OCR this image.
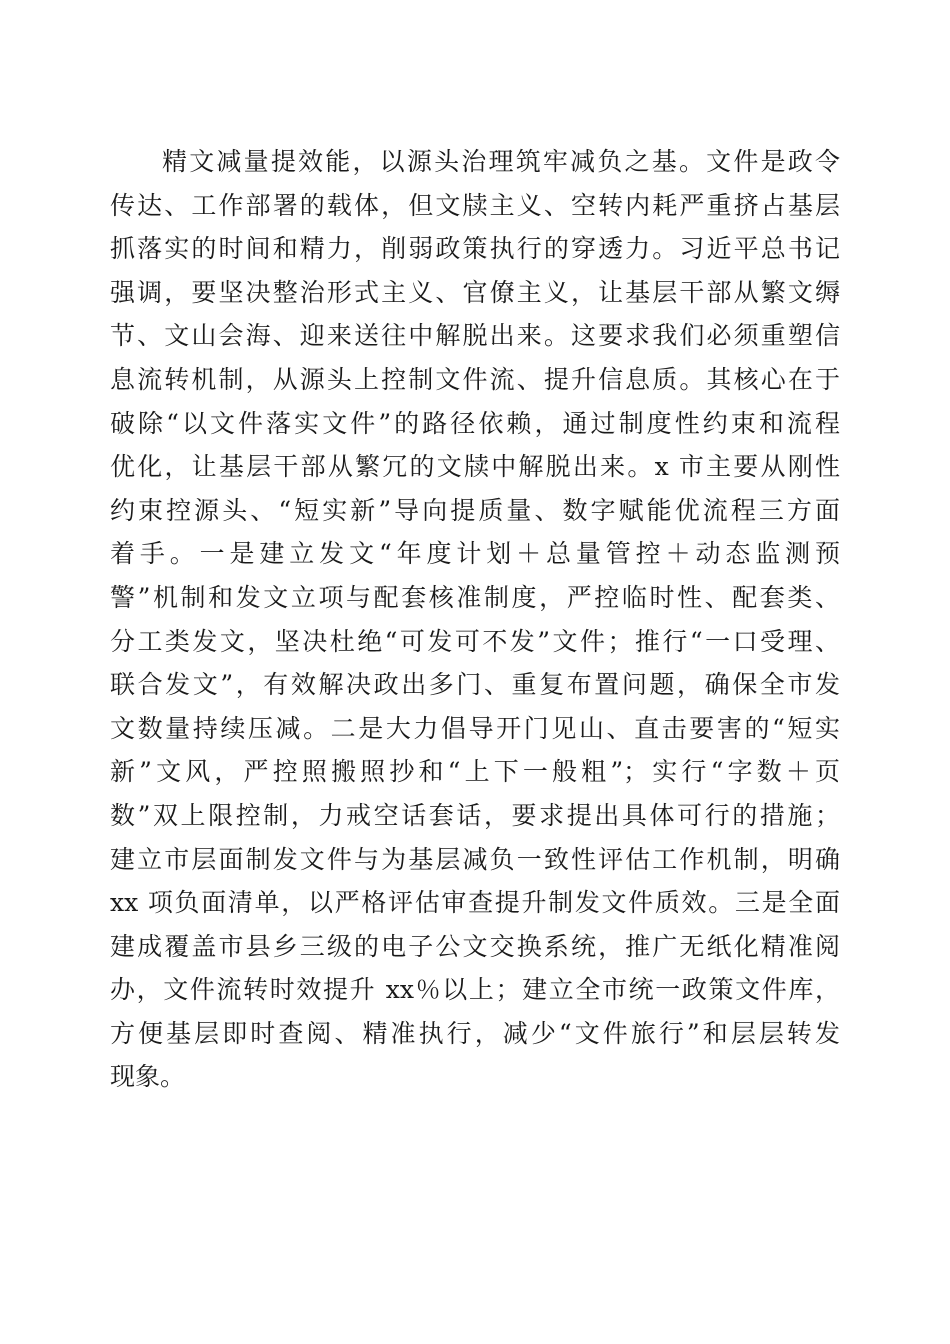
精文减量提效能，以源头治理筑牢减负之基。文件是政令
传达、工作部署的载体，但文牍主义、空转内耗严重挤占基层
抓落实的时间和精力，削弱政策执行的穿透力。习近平总书记
强调，要坚决整治形式主义、官僚主义，让基层干部从繁文缛
节、文山会海、迎来送往中解脱出来。这要求我们必须重塑信
息流转机制，从源头上控制文件流、提升信息质。其核心在于
破除“以文件落实文件”的路径依赖，通过制度性约束和流程
优化，让基层干部从繁冗的文牍中解脱出来。x 市主要从刚性
约束控源头、“短实新”导向提质量、数字赋能优流程三方面
着手。一是建立发文“年度计划＋总量管控＋动态监测预
警”机制和发文立项与配套核准制度，严控临时性、配套类、
分工类发文，坚决杜绝“可发可不发”文件；推行“一口受理、
联合发文”，有效解决政出多门、重复布置问题，确保全市发
文数量持续压减。二是大力倡导开门见山、直击要害的“短实
新”文风，严控照搬照抄和“上下一般粗”；实行“字数＋页
数”双上限控制，力戒空话套话，要求提出具体可行的措施；
建立市层面制发文件与为基层减负一致性评估工作机制，明确
xx 项负面清单，以严格评估审查提升制发文件质效。三是全面
建成覆盖市县乡三级的电子公文交换系统，推广无纸化精准阅
办，文件流转时效提升 xx％以上；建立全市统一政策文件库，
方便基层即时查阅、精准执行，减少“文件旅行”和层层转发
现象。
